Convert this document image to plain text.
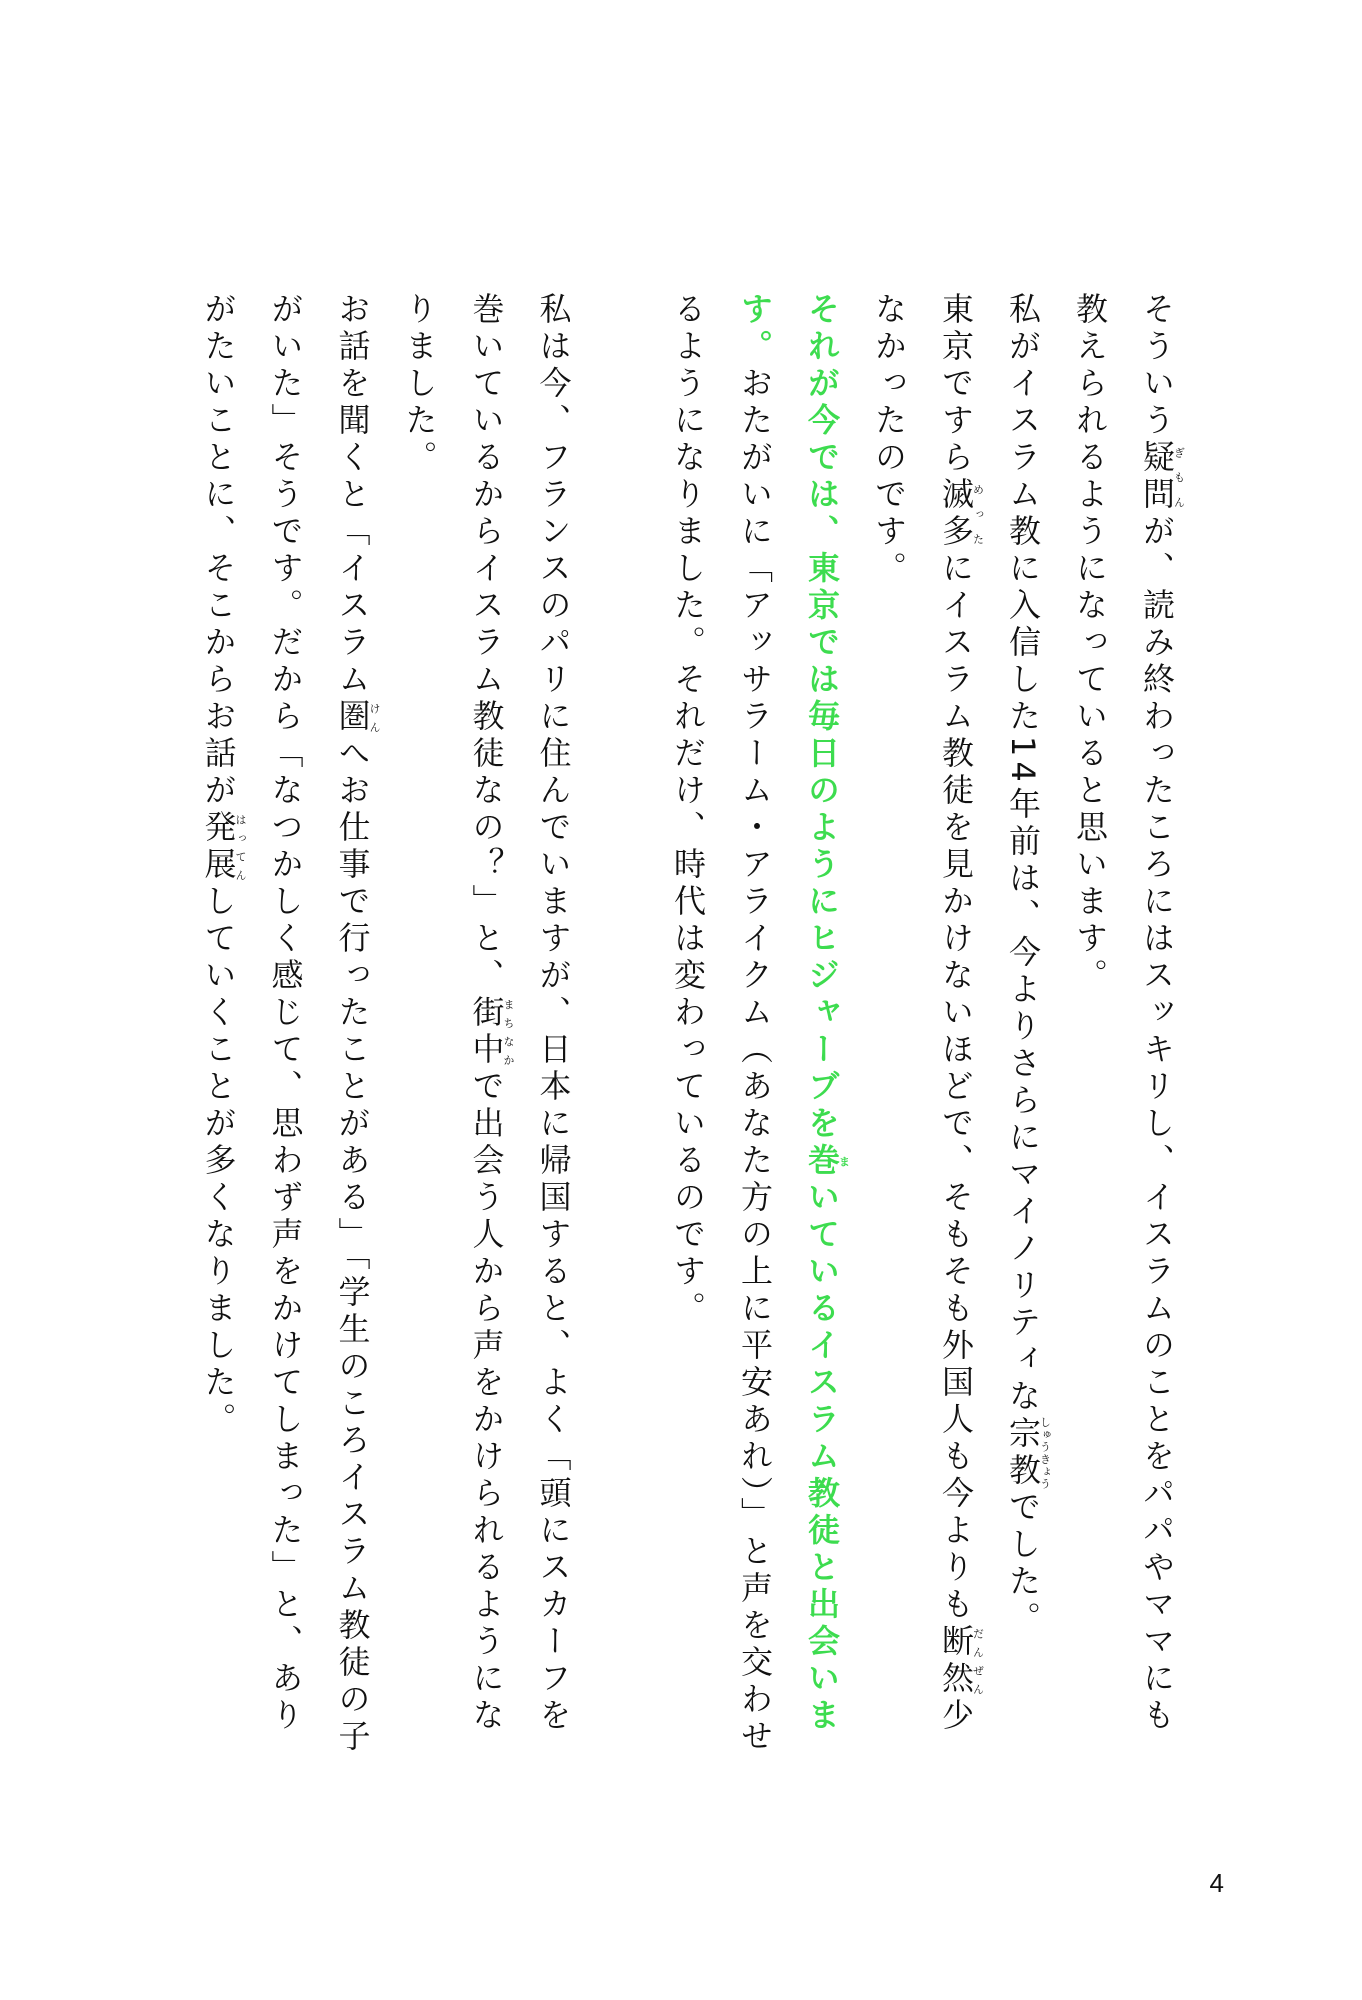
そういう疑問ぎもんが、読み終わったころにはスッキリし、イスラムのことをパパやママにも教えられるようになっていると思います。

私がイスラム教に入信した14年前は、今よりさらにマイノリティな宗教しゅうきょうでした。

東京ですら滅多めったにイスラム教徒を見かけないほどで、そもそも外国人も今よりも断然だんぜん少なかったのです。

それが今では、東京では毎日のようにヒジャーブを巻まいているイスラム教徒と出会います。おたがいに「アッサラーム・アライクム（あなた方の上に平安あれ）」と声を交わせるようになりました。それだけ、時代は変わっているのです。

私は今、フランスのパリに住んでいますが、日本に帰国すると、よく「頭にスカーフを巻いているからイスラム教徒なの？」と、街中まちなかで出会う人から声をかけられるようになりました。

お話を聞くと「イスラム圏けんへお仕事で行ったことがある」「学生のころイスラム教徒の子がいた」そうです。だから「なつかしく感じて、思わず声をかけてしまった」と、ありがたいことに、そこからお話が発展はってんしていくことが多くなりました。

4
